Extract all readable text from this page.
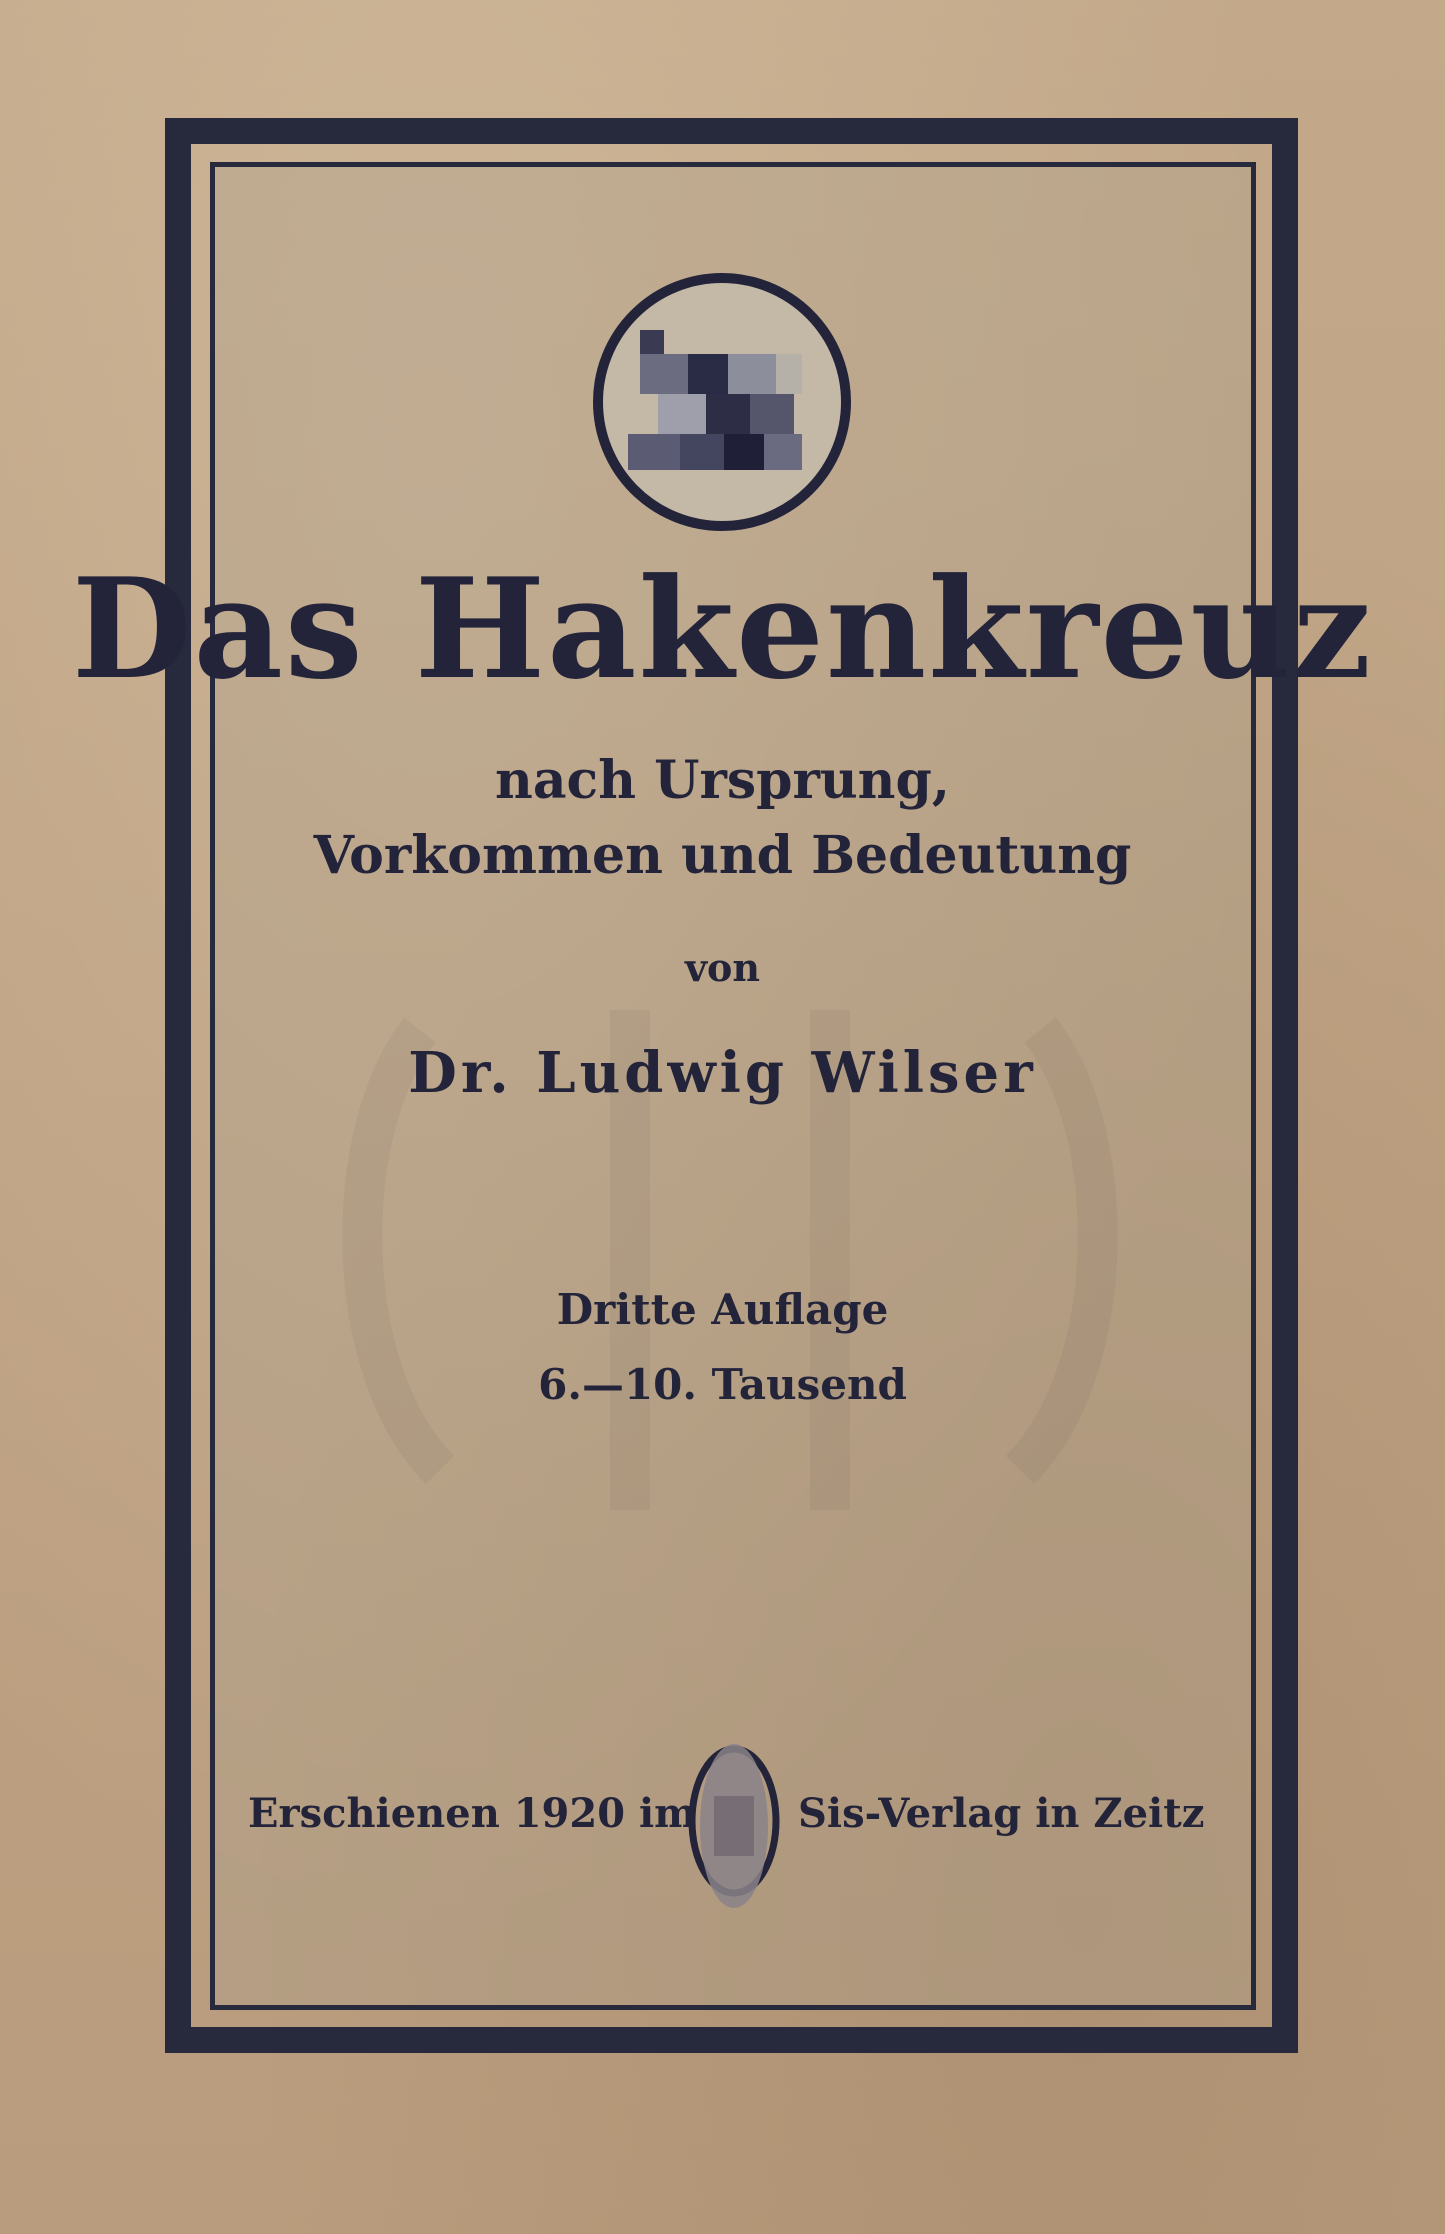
Das Hakenkreuz
nach Ursprung,
Vorkommen und Bedeutung
von
Dr. Ludwig Wilser
Dritte Auflage
6.—10. Tausend
Erschienen 1920 im	Sis-Verlag in Zeitz
